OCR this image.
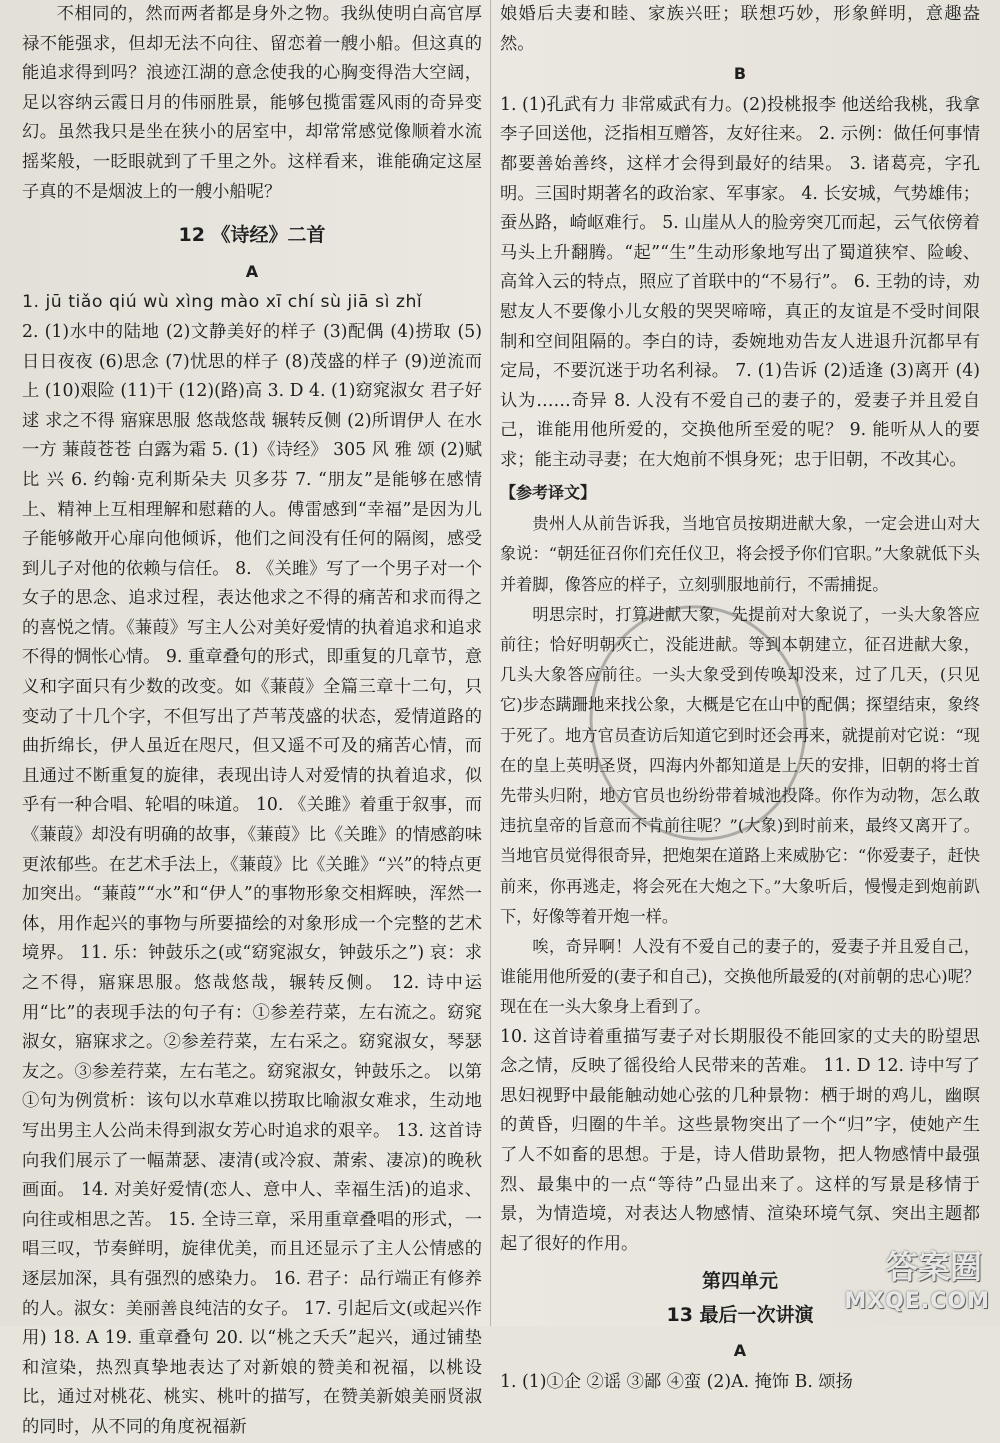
不相同的，然而两者都是身外之物。我纵使明白高官厚禄不能强求，但却无法不向往、留恋着一艘小船。但这真的能追求得到吗？浪迹江湖的意念使我的心胸变得浩大空阔，足以容纳云霞日月的伟丽胜景，能够包揽雷霆风雨的奇异变幻。虽然我只是坐在狭小的居室中，却常常感觉像顺着水流摇桨般，一眨眼就到了千里之外。这样看来，谁能确定这屋子真的不是烟波上的一艘小船呢？

12 《诗经》二首
A

1. jū tiǎo qiú wù xìng mào xī chí sù jiā sì zhǐ

2. (1)水中的陆地 (2)文静美好的样子 (3)配偶 (4)捞取 (5)日日夜夜 (6)思念 (7)忧思的样子 (8)茂盛的样子 (9)逆流而上 (10)艰险 (11)干 (12)(路)高 3. D 4. (1)窈窕淑女 君子好逑 求之不得 寤寐思服 悠哉悠哉 辗转反侧 (2)所谓伊人 在水一方 蒹葭苍苍 白露为霜 5. (1)《诗经》 305 风 雅 颂 (2)赋 比 兴 6. 约翰·克利斯朵夫 贝多芬 7. “朋友”是能够在感情上、精神上互相理解和慰藉的人。傅雷感到“幸福”是因为儿子能够敞开心扉向他倾诉，他们之间没有任何的隔阂，感受到儿子对他的依赖与信任。 8. 《关雎》写了一个男子对一个女子的思念、追求过程，表达他求之不得的痛苦和求而得之的喜悦之情。《蒹葭》写主人公对美好爱情的执着追求和追求不得的惆怅心情。 9. 重章叠句的形式，即重复的几章节，意义和字面只有少数的改变。如《蒹葭》全篇三章十二句，只变动了十几个字，不但写出了芦苇茂盛的状态，爱情道路的曲折绵长，伊人虽近在咫尺，但又遥不可及的痛苦心情，而且通过不断重复的旋律，表现出诗人对爱情的执着追求，似乎有一种合唱、轮唱的味道。 10. 《关雎》着重于叙事，而《蒹葭》却没有明确的故事，《蒹葭》比《关雎》的情感韵味更浓郁些。在艺术手法上，《蒹葭》比《关雎》“兴”的特点更加突出。“蒹葭”“水”和“伊人”的事物形象交相辉映，浑然一体，用作起兴的事物与所要描绘的对象形成一个完整的艺术境界。 11. 乐：钟鼓乐之(或“窈窕淑女，钟鼓乐之”) 哀：求之不得，寤寐思服。悠哉悠哉，辗转反侧。 12. 诗中运用“比”的表现手法的句子有：①参差荇菜，左右流之。窈窕淑女，寤寐求之。②参差荇菜，左右采之。窈窕淑女，琴瑟友之。③参差荇菜，左右芼之。窈窕淑女，钟鼓乐之。 以第①句为例赏析：该句以水草难以捞取比喻淑女难求，生动地写出男主人公尚未得到淑女芳心时追求的艰辛。 13. 这首诗向我们展示了一幅萧瑟、凄清(或冷寂、萧索、凄凉)的晚秋画面。 14. 对美好爱情(恋人、意中人、幸福生活)的追求、向往或相思之苦。 15. 全诗三章，采用重章叠唱的形式，一唱三叹，节奏鲜明，旋律优美，而且还显示了主人公情感的逐层加深，具有强烈的感染力。 16. 君子：品行端正有修养的人。淑女：美丽善良纯洁的女子。 17. 引起后文(或起兴作用) 18. A 19. 重章叠句 20. 以“桃之夭夭”起兴，通过铺垫和渲染，热烈真挚地表达了对新娘的赞美和祝福，以桃设比，通过对桃花、桃实、桃叶的描写，在赞美新娘美丽贤淑的同时，从不同的角度祝福新

娘婚后夫妻和睦、家族兴旺；联想巧妙，形象鲜明，意趣盎然。

B

1. (1)孔武有力 非常威武有力。(2)投桃报李 他送给我桃，我拿李子回送他，泛指相互赠答，友好往来。 2. 示例：做任何事情都要善始善终，这样才会得到最好的结果。 3. 诸葛亮，字孔明。三国时期著名的政治家、军事家。 4. 长安城，气势雄伟；蚕丛路，崎岖难行。 5. 山崖从人的脸旁突兀而起，云气依傍着马头上升翻腾。“起”“生”生动形象地写出了蜀道狭窄、险峻、高耸入云的特点，照应了首联中的“不易行”。 6. 王勃的诗，劝慰友人不要像小儿女般的哭哭啼啼，真正的友谊是不受时间限制和空间阻隔的。李白的诗，委婉地劝告友人进退升沉都早有定局，不要沉迷于功名利禄。 7. (1)告诉 (2)适逢 (3)离开 (4)认为……奇异 8. 人没有不爱自己的妻子的，爱妻子并且爱自己，谁能用他所爱的，交换他所至爱的呢？ 9. 能听从人的要求；能主动寻妻；在大炮前不惧身死；忠于旧朝，不改其心。

【参考译文】

贵州人从前告诉我，当地官员按期进献大象，一定会进山对大象说：“朝廷征召你们充任仪卫，将会授予你们官职。”大象就低下头并着脚，像答应的样子，立刻驯服地前行，不需捕捉。

明思宗时，打算进献大象，先提前对大象说了，一头大象答应前往；恰好明朝灭亡，没能进献。等到本朝建立，征召进献大象，几头大象答应前往。一头大象受到传唤却没来，过了几天，(只见它)步态蹒跚地来找公象，大概是它在山中的配偶；探望结束，象终于死了。地方官员查访后知道它到时还会再来，就提前对它说：“现在的皇上英明圣贤，四海内外都知道是上天的安排，旧朝的将士首先带头归附，地方官员也纷纷带着城池投降。你作为动物，怎么敢违抗皇帝的旨意而不肯前往呢？”(大象)到时前来，最终又离开了。当地官员觉得很奇异，把炮架在道路上来威胁它：“你爱妻子，赶快前来，你再逃走，将会死在大炮之下。”大象听后，慢慢走到炮前趴下，好像等着开炮一样。

唉，奇异啊！人没有不爱自己的妻子的，爱妻子并且爱自己，谁能用他所爱的(妻子和自己)，交换他所最爱的(对前朝的忠心)呢？现在在一头大象身上看到了。

10. 这首诗着重描写妻子对长期服役不能回家的丈夫的盼望思念之情，反映了徭役给人民带来的苦难。 11. D 12. 诗中写了思妇视野中最能触动她心弦的几种景物：栖于埘的鸡儿，幽暝的黄昏，归圈的牛羊。这些景物突出了一个“归”字，使她产生了人不如畜的思想。于是，诗人借助景物，把人物感情中最强烈、最集中的一点“等待”凸显出来了。这样的写景是移情于景，为情造境，对表达人物感情、渲染环境气氛、突出主题都起了很好的作用。

第四单元
13 最后一次讲演
A

1. (1)①企 ②谣 ③鄙 ④蛮 (2)A. 掩饰 B. 颂扬

答案圈
MXQE.COM
